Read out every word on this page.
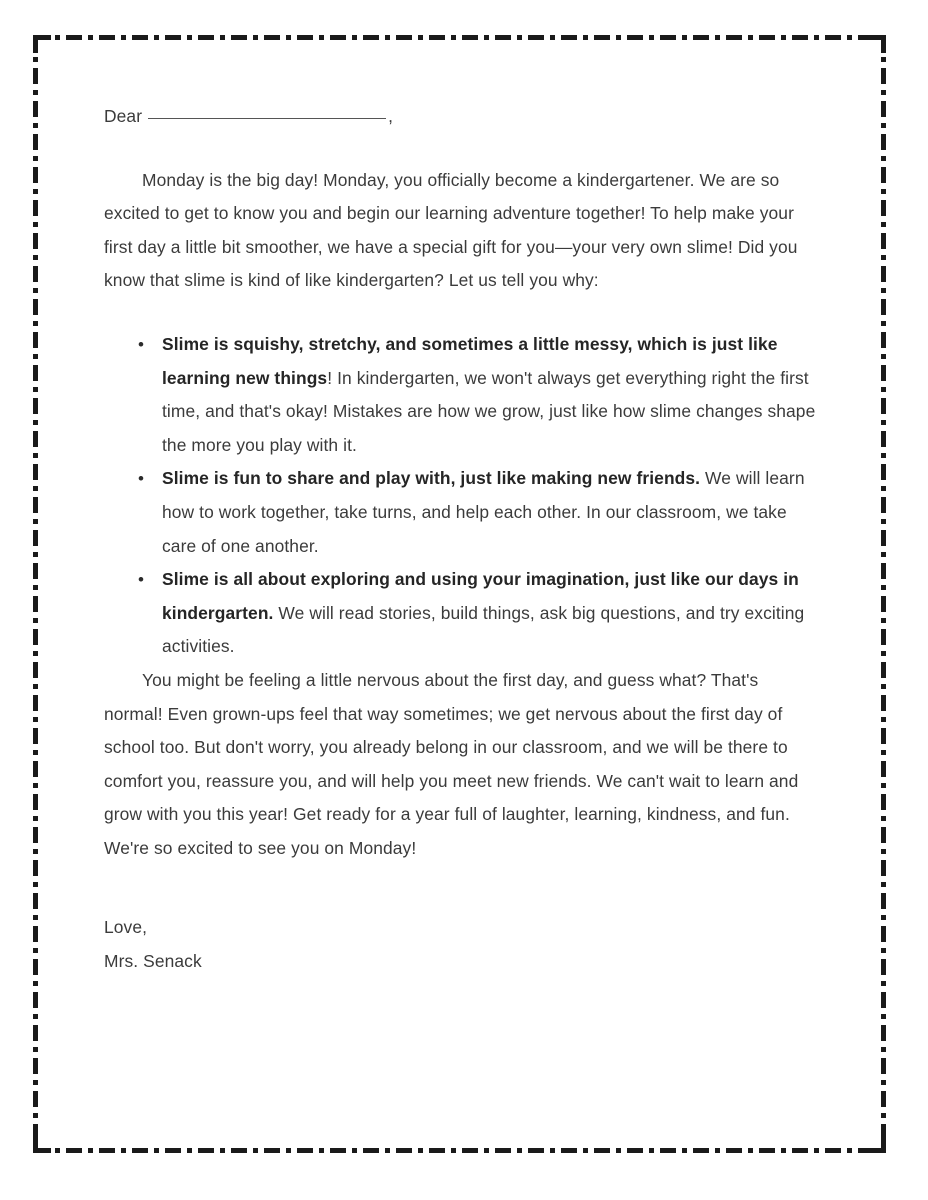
Dear	,

Monday is the big day! Monday, you officially become a kindergartener. We are so excited to get to know you and begin our learning adventure together! To help make your first day a little bit smoother, we have a special gift for you—your very own slime! Did you know that slime is kind of like kindergarten? Let us tell you why:

• Slime is squishy, stretchy, and sometimes a little messy, which is just like learning new things! In kindergarten, we won't always get everything right the first time, and that's okay! Mistakes are how we grow, just like how slime changes shape the more you play with it.
• Slime is fun to share and play with, just like making new friends. We will learn how to work together, take turns, and help each other. In our classroom, we take care of one another.
• Slime is all about exploring and using your imagination, just like our days in kindergarten. We will read stories, build things, ask big questions, and try exciting activities.

You might be feeling a little nervous about the first day, and guess what? That's normal! Even grown-ups feel that way sometimes; we get nervous about the first day of school too. But don't worry, you already belong in our classroom, and we will be there to comfort you, reassure you, and will help you meet new friends. We can't wait to learn and grow with you this year! Get ready for a year full of laughter, learning, kindness, and fun. We're so excited to see you on Monday!

Love,
Mrs. Senack
